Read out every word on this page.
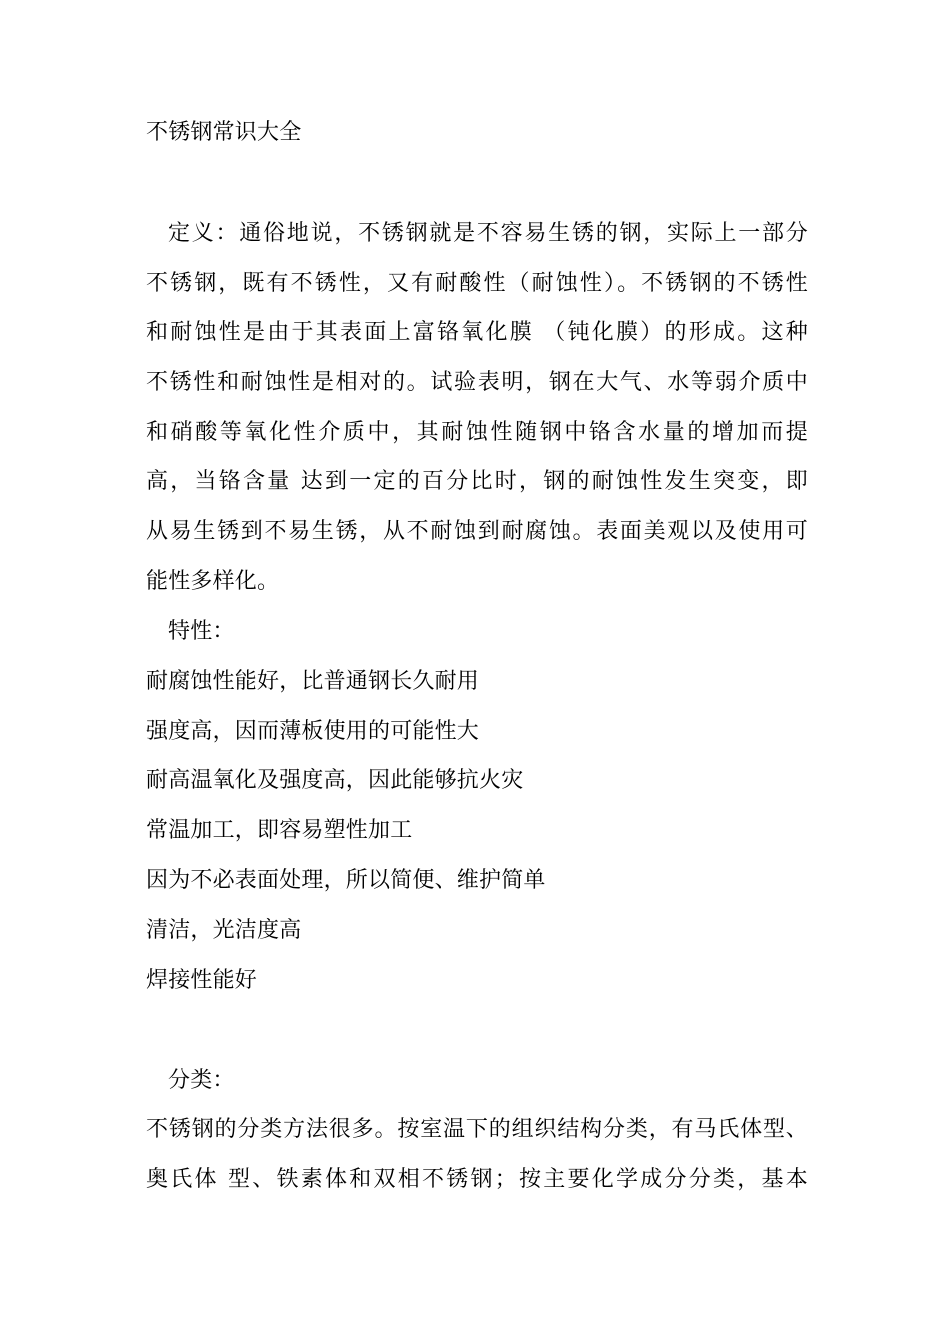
不锈钢常识大全
定义：通俗地说，不锈钢就是不容易生锈的钢，实际上一部分
不锈钢，既有不锈性，又有耐酸性（耐蚀性）。不锈钢的不锈性
和耐蚀性是由于其表面上富铬氧化膜 （钝化膜）的形成。这种
不锈性和耐蚀性是相对的。试验表明，钢在大气、水等弱介质中
和硝酸等氧化性介质中，其耐蚀性随钢中铬含水量的增加而提
高，当铬含量 达到一定的百分比时，钢的耐蚀性发生突变，即
从易生锈到不易生锈，从不耐蚀到耐腐蚀。表面美观以及使用可
能性多样化。
特性：
耐腐蚀性能好，比普通钢长久耐用
强度高，因而薄板使用的可能性大
耐高温氧化及强度高，因此能够抗火灾
常温加工，即容易塑性加工
因为不必表面处理，所以简便、维护简单
清洁，光洁度高
焊接性能好
分类：
不锈钢的分类方法很多。按室温下的组织结构分类，有马氏体型、
奥氏体 型、铁素体和双相不锈钢；按主要化学成分分类，基本
